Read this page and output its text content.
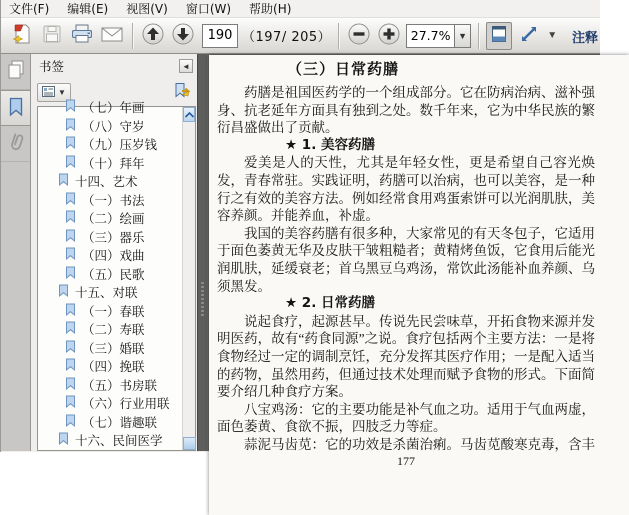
文件(F) 编辑(E) 视图(V) 窗口(W) 帮助(H)
190
（197/ 205）
27.7%	▼	▼ 注释
书签	◄
▼
（七）年画
（八）守岁
（九）压岁钱
（十）拜年
十四、艺术
（一）书法
（二）绘画
（三）器乐
（四）戏曲
（五）民歌
十五、对联
（一）春联
（二）寿联
（三）婚联
（四）挽联
（五）书房联
（六）行业用联
（七）谐趣联
十六、民间医学
（三）日常药膳
药膳是祖国医药学的一个组成部分。它在防病治病、滋补强身、抗老延年方面具有独到之处。数千年来，它为中华民族的繁衍昌盛做出了贡献。
★ 1. 美容药膳
爱美是人的天性，尤其是年轻女性，更是希望自己容光焕发，青春常驻。实践证明，药膳可以治病，也可以美容，是一种行之有效的美容方法。例如经常食用鸡蛋索饼可以光润肌肤，美容养颜。并能养血，补虚。
我国的美容药膳有很多种，大家常见的有天冬包子，它适用于面色萎黄无华及皮肤干皱粗糙者；黄精烤鱼饭，它食用后能光润肌肤，延缓衰老；首乌黑豆乌鸡汤，常饮此汤能补血养颜、乌须黑发。
★ 2. 日常药膳
说起食疗，起源甚早。传说先民尝味草，开拓食物来源并发明医药，故有“药食同源”之说。食疗包括两个主要方法：一是将食物经过一定的调制烹饪，充分发挥其医疗作用；一是配入适当的药物，虽然用药，但通过技术处理而赋予食物的形式。下面简要介绍几种食疗方案。
八宝鸡汤：它的主要功能是补气血之功。适用于气血两虚，面色萎黄、食欲不振，四肢乏力等症。
蒜泥马齿苋：它的功效是杀菌治痢。马齿苋酸寒克毒，含丰
177
